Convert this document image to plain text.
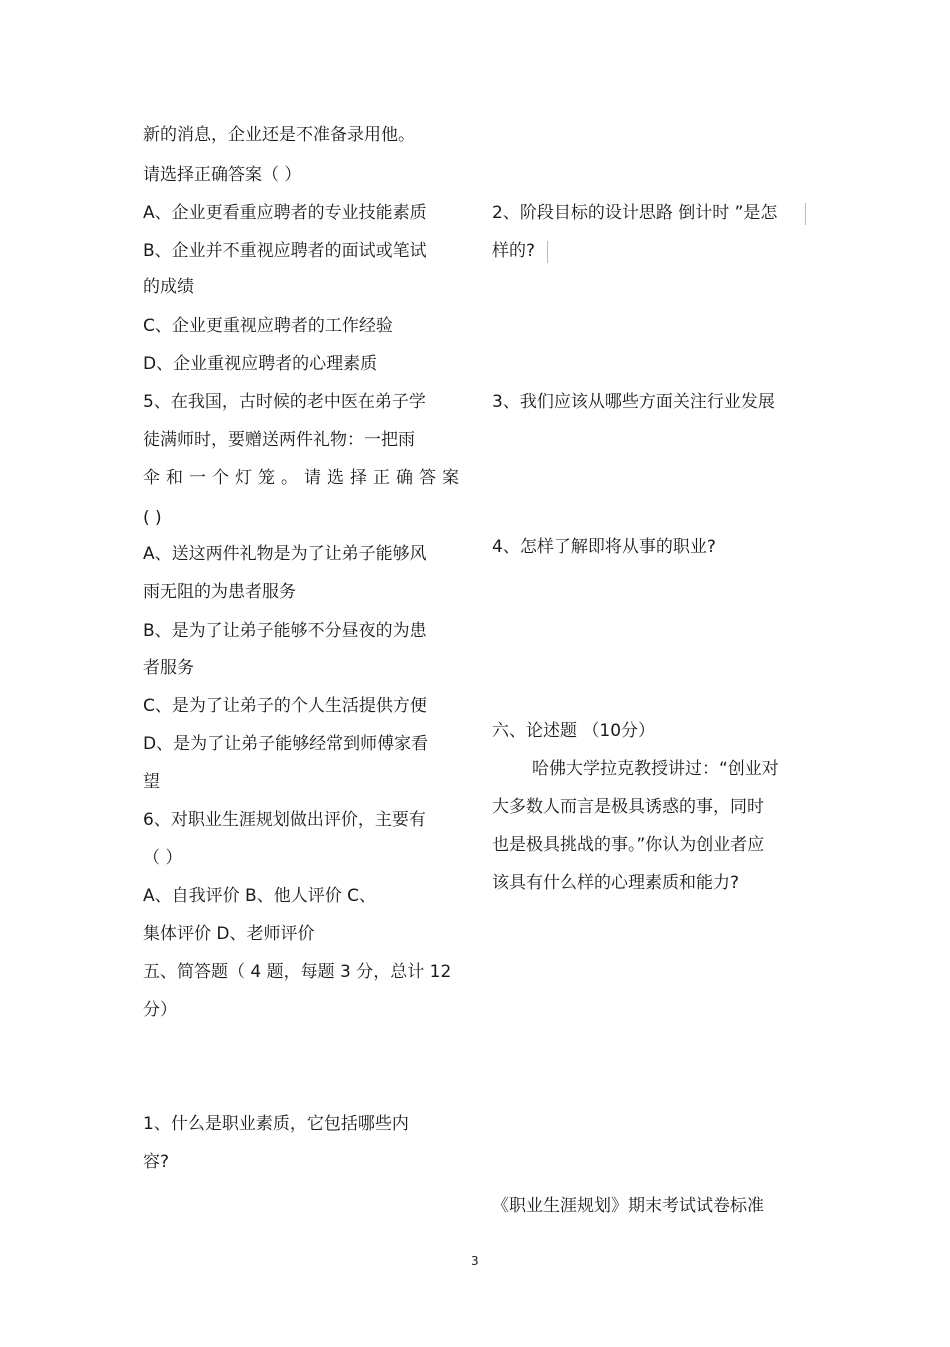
新的消息，企业还是不准备录用他。
请选择正确答案（ ）
A、企业更看重应聘者的专业技能素质
B、企业并不重视应聘者的面试或笔试
的成绩
C、企业更重视应聘者的工作经验
D、企业重视应聘者的心理素质
5、在我国，古时候的老中医在弟子学
徒满师时，要赠送两件礼物：一把雨
伞和一个灯笼。请选择正确答案
( )
A、送这两件礼物是为了让弟子能够风
雨无阻的为患者服务
B、是为了让弟子能够不分昼夜的为患
者服务
C、是为了让弟子的个人生活提供方便
D、是为了让弟子能够经常到师傅家看
望
6、对职业生涯规划做出评价，主要有
（ ）
A、自我评价 B、他人评价 C、
集体评价 D、老师评价
五、简答题（ 4 题，每题 3 分，总计 12
分）
1、什么是职业素质，它包括哪些内
容?
2、阶段目标的设计思路 倒计时 ”是怎
样的?
3、我们应该从哪些方面关注行业发展
4、怎样了解即将从事的职业?
六、论述题 （10分）
哈佛大学拉克教授讲过：“创业对
大多数人而言是极具诱惑的事，同时
也是极具挑战的事。”你认为创业者应
该具有什么样的心理素质和能力?
《职业生涯规划》期末考试试卷标准
3
